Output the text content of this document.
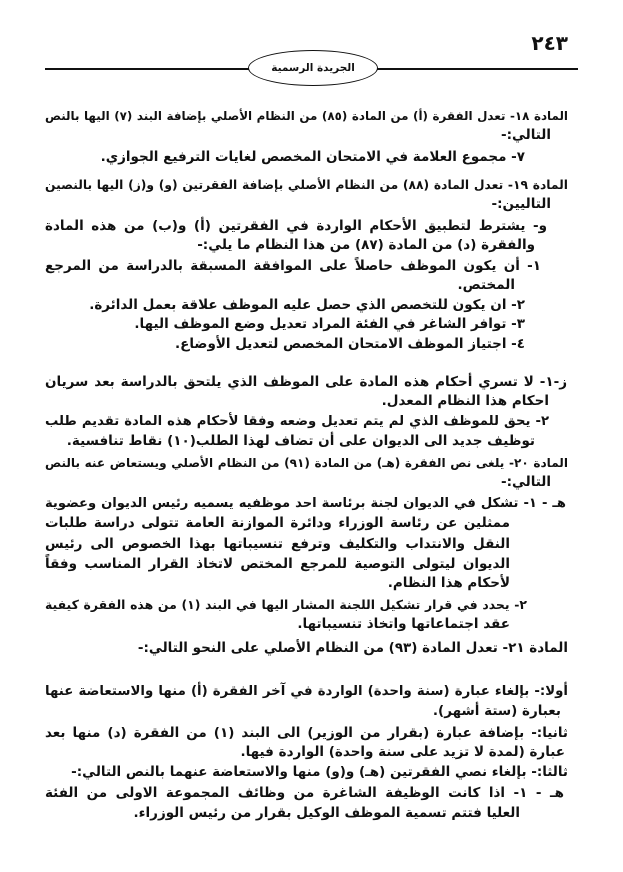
٢٤٣
الجريدة الرسمية
المادة ١٨- تعدل الفقرة (أ) من المادة (٨٥) من النظام الأصلي بإضافة البند (٧) اليها بالنص
التالي:-
٧- مجموع العلامة في الامتحان المخصص لغايات الترفيع الجوازي.
المادة ١٩- تعدل المادة (٨٨) من النظام الأصلي بإضافة الفقرتين (و) و(ز) اليها بالنصين
التاليين:-
و- يشترط لتطبيق الأحكام الواردة في الفقرتين (أ) و(ب) من هذه المادة
والفقرة (د) من المادة (٨٧) من هذا النظام ما يلي:-
١- أن يكون الموظف حاصلاً على الموافقة المسبقة بالدراسة من المرجع
المختص.
٢- ان يكون للتخصص الذي حصل عليه الموظف علاقة بعمل الدائرة.
٣- توافر الشاغر في الفئة المراد تعديل وضع الموظف اليها.
٤- اجتياز الموظف الامتحان المخصص لتعديل الأوضاع.
ز-١- لا تسري أحكام هذه المادة على الموظف الذي يلتحق بالدراسة بعد سريان
احكام هذا النظام المعدل.
٢- يحق للموظف الذي لم يتم تعديل وضعه وفقا لأحكام هذه المادة تقديم طلب
توظيف جديد الى الديوان على أن تضاف لهذا الطلب(١٠) نقاط تنافسية.
المادة ٢٠- يلغى نص الفقرة (هـ) من المادة (٩١) من النظام الأصلي ويستعاض عنه بالنص
التالي:-
هـ - ١- تشكل في الديوان لجنة برئاسة احد موظفيه يسميه رئيس الديوان وعضوية
ممثلين عن رئاسة الوزراء ودائرة الموازنة العامة تتولى دراسة طلبات
النقل والانتداب والتكليف وترفع تنسيباتها بهذا الخصوص الى رئيس
الديوان ليتولى التوصية للمرجع المختص لاتخاذ القرار المناسب وفقاً
لأحكام هذا النظام.
٢- يحدد في قرار تشكيل اللجنة المشار اليها في البند (١) من هذه الفقرة كيفية
عقد اجتماعاتها واتخاذ تنسيباتها.
المادة ٢١- تعدل المادة (٩٣) من النظام الأصلي على النحو التالي:-
أولا:- بإلغاء عبارة (سنة واحدة) الواردة في آخر الفقرة (أ) منها والاستعاضة عنها
بعبارة (ستة أشهر).
ثانيا:- بإضافة عبارة (بقرار من الوزير) الى البند (١) من الفقرة (د) منها بعد
عبارة (لمدة لا تزيد على سنة واحدة) الواردة فيها.
ثالثا:- بإلغاء نصي الفقرتين (هـ) و(و) منها والاستعاضة عنهما بالنص التالي:-
هـ - ١- اذا كانت الوظيفة الشاغرة من وظائف المجموعة الاولى من الفئة
العليا فتتم تسمية الموظف الوكيل بقرار من رئيس الوزراء.
